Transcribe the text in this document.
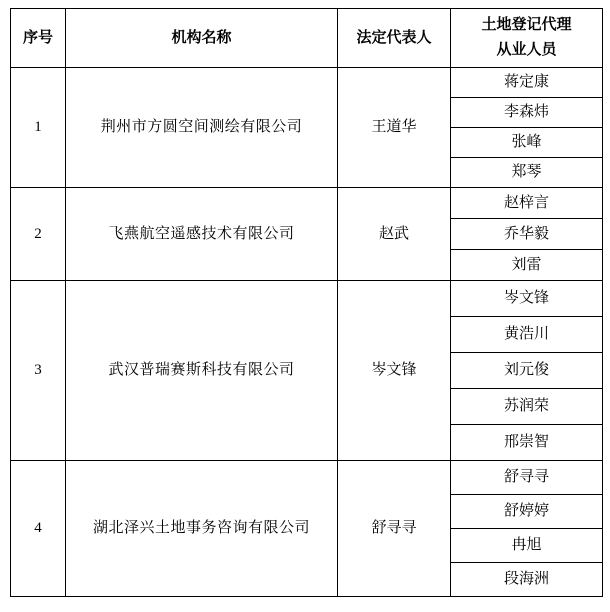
序号	机构名称	法定代表人	土地登记代理
从业人员

1	荆州市方圆空间测绘有限公司	王道华	蒋定康
			李森炜
			张峰
			郑琴
2	飞燕航空遥感技术有限公司	赵武	赵梓言
			乔华毅
			刘雷
3	武汉普瑞赛斯科技有限公司	岑文锋	岑文锋
			黄浩川
			刘元俊
			苏润荣
			邢崇智
4	湖北泽兴土地事务咨询有限公司	舒寻寻	舒寻寻
			舒婷婷
			冉旭
			段海洲
